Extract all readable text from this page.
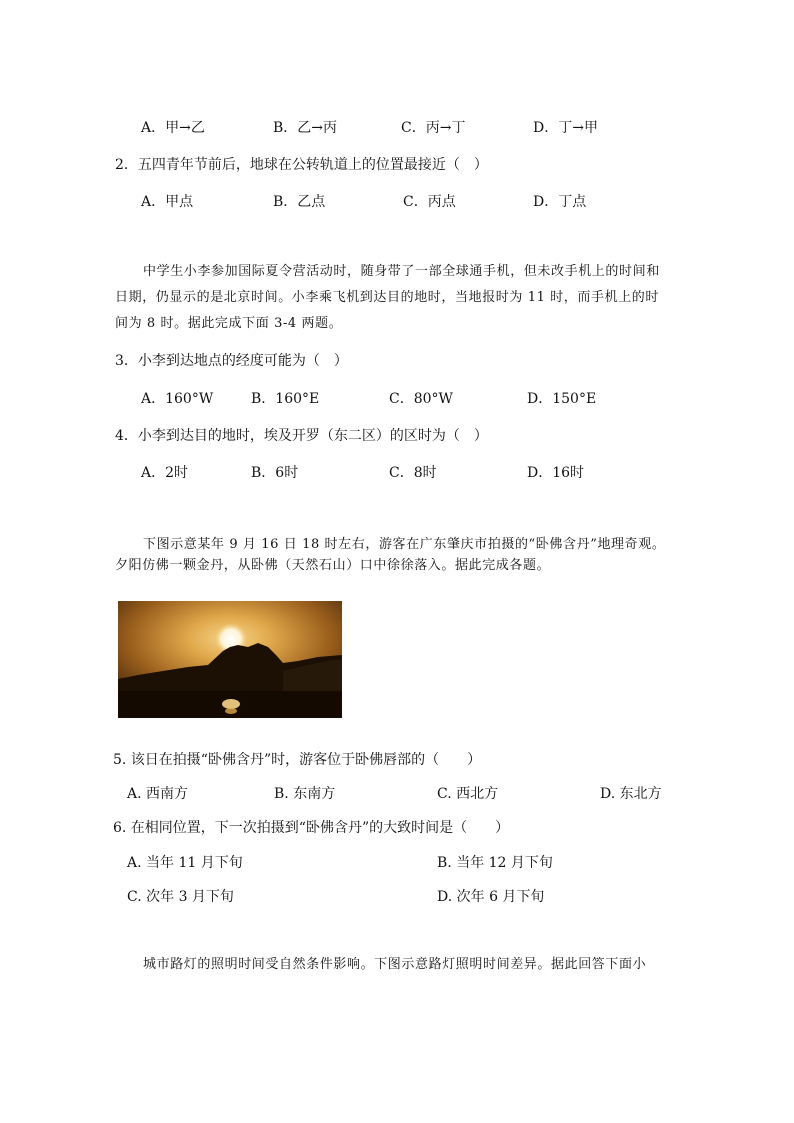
A．甲→乙	B．乙→丙	C．丙→丁	D．丁→甲
2．五四青年节前后，地球在公转轨道上的位置最接近（　）
A．甲点	B．乙点	C．丙点	D．丁点
中学生小李参加国际夏令营活动时，随身带了一部全球通手机，但未改手机上的时间和
日期，仍显示的是北京时间。小李乘飞机到达目的地时，当地报时为 11 时，而手机上的时
间为 8 时。据此完成下面 3-4 两题。
3．小李到达地点的经度可能为（　）
A．160°W	B．160°E	C．80°W	D．150°E
4．小李到达目的地时，埃及开罗（东二区）的区时为（　）
A．2时	B．6时	C．8时	D．16时
下图示意某年 9 月 16 日 18 时左右，游客在广东肇庆市拍摄的“卧佛含丹”地理奇观。
夕阳仿佛一颗金丹，从卧佛（天然石山）口中徐徐落入。据此完成各题。
5. 该日在拍摄“卧佛含丹”时，游客位于卧佛唇部的（　　）
A. 西南方	B. 东南方	C. 西北方	D. 东北方
6. 在相同位置，下一次拍摄到“卧佛含丹”的大致时间是（　　）
A. 当年 11 月下旬	B. 当年 12 月下旬
C. 次年 3 月下旬	D. 次年 6 月下旬
城市路灯的照明时间受自然条件影响。下图示意路灯照明时间差异。据此回答下面小
